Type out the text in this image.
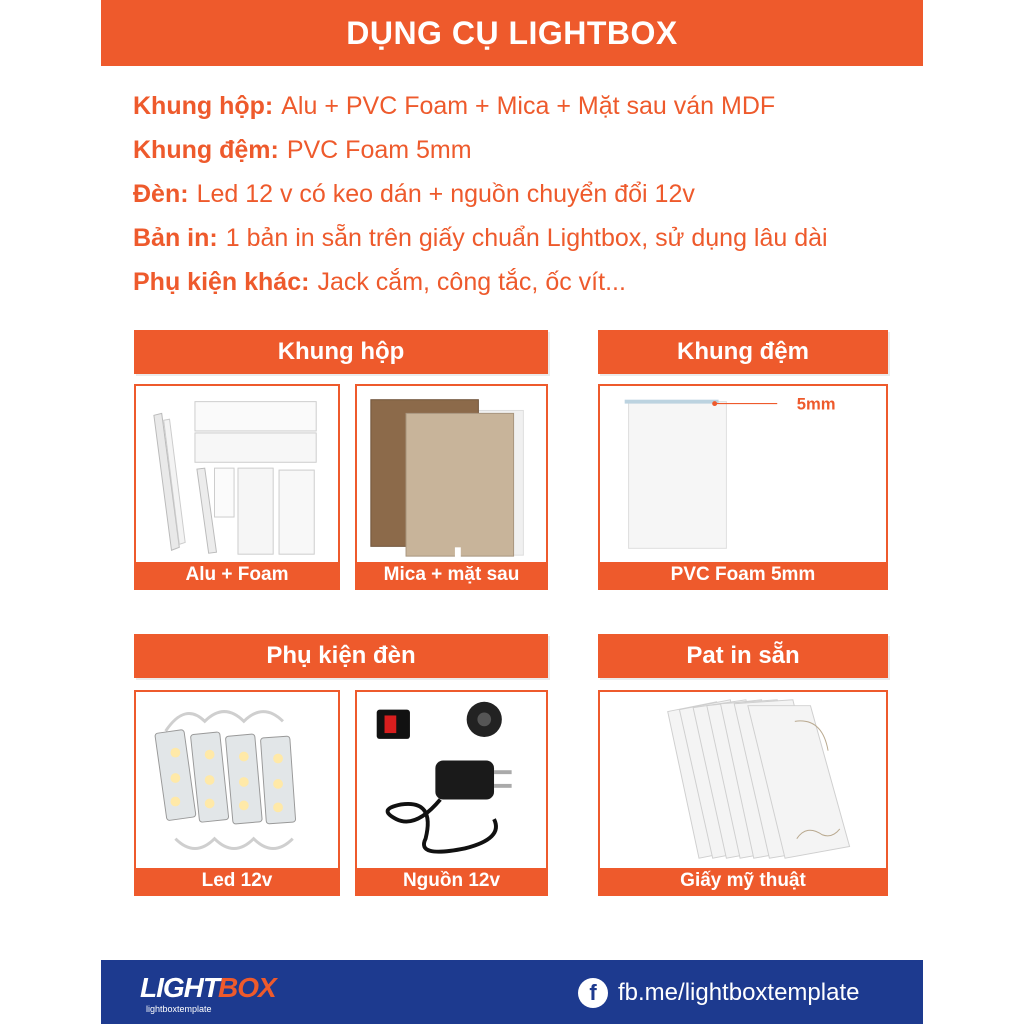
DỤNG CỤ LIGHTBOX
Khung hộp: Alu + PVC Foam + Mica + Mặt sau ván MDF
Khung đệm: PVC Foam 5mm
Đèn: Led 12 v có keo dán + nguồn chuyển đổi 12v
Bản in: 1 bản in sẵn trên giấy chuẩn Lightbox, sử dụng lâu dài
Phụ kiện khác: Jack cắm, công tắc, ốc vít...
Khung hộp
Alu + Foam	Mica + mặt sau
Khung đệm
5mm
PVC Foam 5mm
Phụ kiện đèn
Led 12v	Nguồn 12v
Pat in sẵn
Giấy mỹ thuật
LIGHT BOX
lightboxtemplate
f fb.me/lightboxtemplate
